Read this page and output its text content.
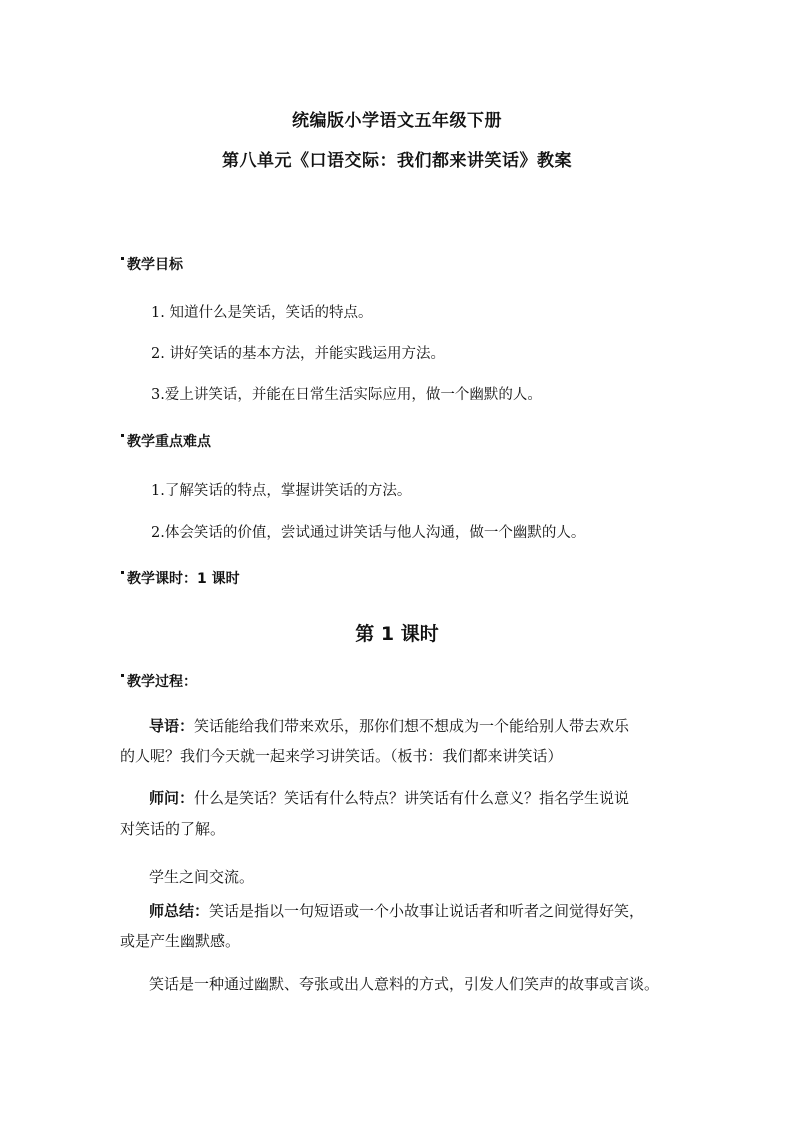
统编版小学语文五年级下册
第八单元《口语交际：我们都来讲笑话》教案
教学目标
1. 知道什么是笑话，笑话的特点。
2. 讲好笑话的基本方法，并能实践运用方法。
3.爱上讲笑话，并能在日常生活实际应用，做一个幽默的人。
教学重点难点
1.了解笑话的特点，掌握讲笑话的方法。
2.体会笑话的价值，尝试通过讲笑话与他人沟通，做一个幽默的人。
教学课时：1 课时
第 1 课时
教学过程：
导语：笑话能给我们带来欢乐，那你们想不想成为一个能给别人带去欢乐
的人呢？我们今天就一起来学习讲笑话。（板书：我们都来讲笑话）
师问：什么是笑话？笑话有什么特点？讲笑话有什么意义？指名学生说说
对笑话的了解。
学生之间交流。
师总结：笑话是指以一句短语或一个小故事让说话者和听者之间觉得好笑，
或是产生幽默感。
笑话是一种通过幽默、夸张或出人意料的方式，引发人们笑声的故事或言谈。
